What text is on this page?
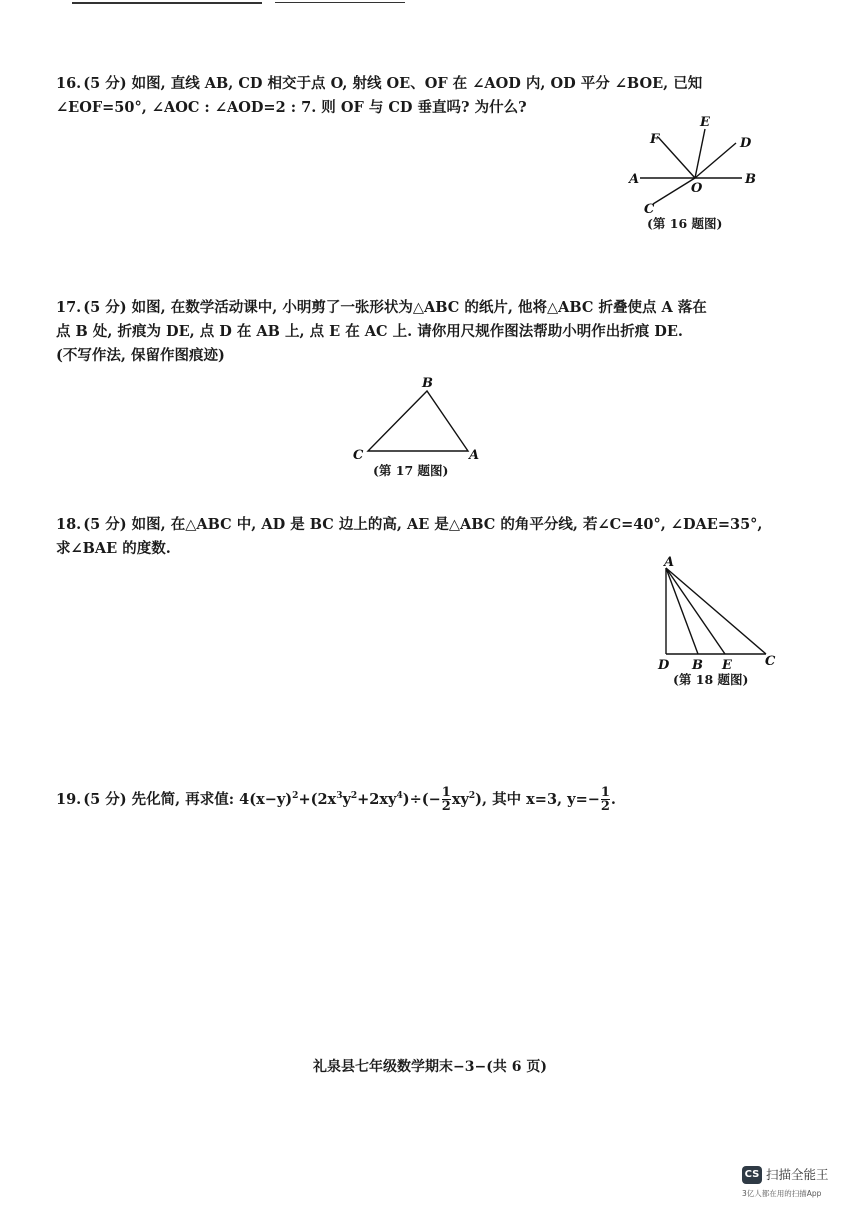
16. (5 分) 如图, 直线 AB, CD 相交于点 O, 射线 OE、OF 在 ∠AOD 内, OD 平分 ∠BOE, 已知
∠EOF=50°, ∠AOC : ∠AOD=2 : 7. 则 OF 与 CD 垂直吗? 为什么?
E
F	D
A
O
B
C
(第 16 题图)
17. (5 分) 如图, 在数学活动课中, 小明剪了一张形状为△ABC 的纸片, 他将△ABC 折叠使点 A 落在
点 B 处, 折痕为 DE, 点 D 在 AB 上, 点 E 在 AC 上. 请你用尺规作图法帮助小明作出折痕 DE.
(不写作法, 保留作图痕迹)
B
C	A
(第 17 题图)
18. (5 分) 如图, 在△ABC 中, AD 是 BC 边上的高, AE 是△ABC 的角平分线, 若∠C=40°, ∠DAE=35°,
求∠BAE 的度数.
A
D B E	C
(第 18 题图)
19. (5 分) 先化简, 再求值: $4(x-y)^2+(2x^3y^2+2xy^4)\div(- \frac{1}{2} xy^2)$, 其中 x=3, $y=- \frac{1}{2}$ .
礼泉县七年级数学期末−3−(共 6 页)
CS 扫描全能王
3亿人都在用的扫描App
